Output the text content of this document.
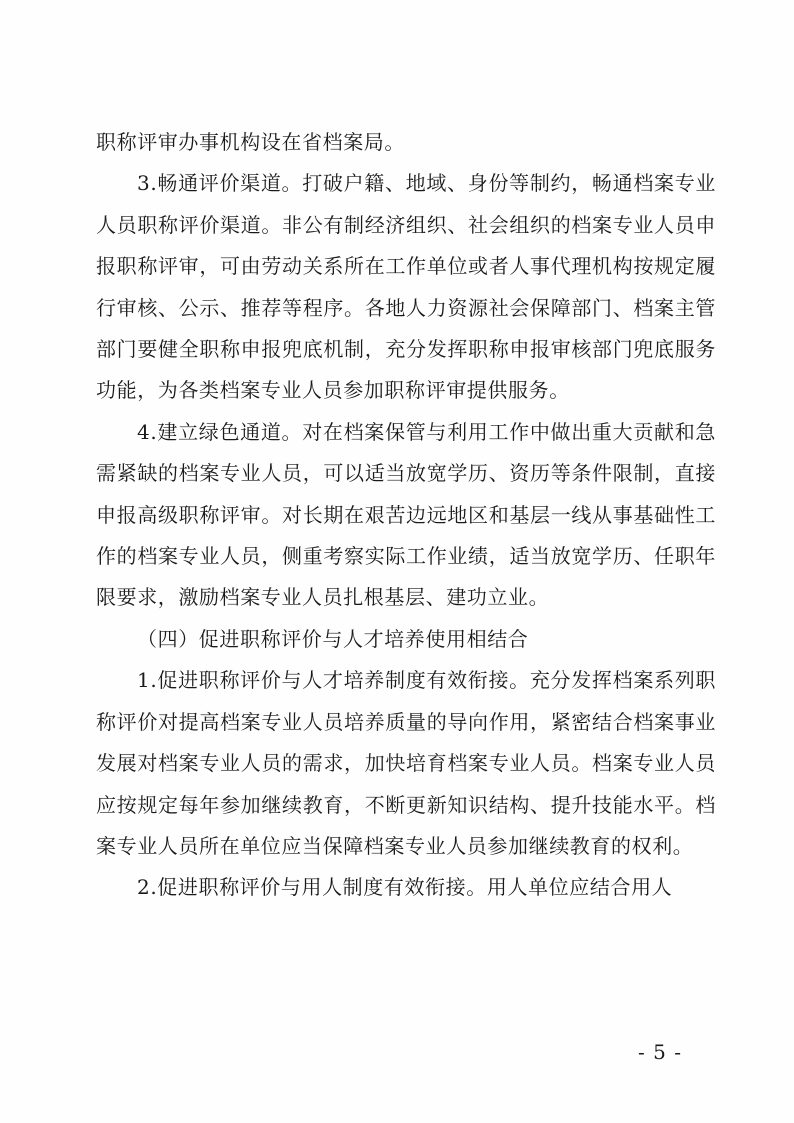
职称评审办事机构设在省档案局。

3.畅通评价渠道。打破户籍、地域、身份等制约，畅通档案专业人员职称评价渠道。非公有制经济组织、社会组织的档案专业人员申报职称评审，可由劳动关系所在工作单位或者人事代理机构按规定履行审核、公示、推荐等程序。各地人力资源社会保障部门、档案主管部门要健全职称申报兜底机制，充分发挥职称申报审核部门兜底服务功能，为各类档案专业人员参加职称评审提供服务。

4.建立绿色通道。对在档案保管与利用工作中做出重大贡献和急需紧缺的档案专业人员，可以适当放宽学历、资历等条件限制，直接申报高级职称评审。对长期在艰苦边远地区和基层一线从事基础性工作的档案专业人员，侧重考察实际工作业绩，适当放宽学历、任职年限要求，激励档案专业人员扎根基层、建功立业。

（四）促进职称评价与人才培养使用相结合

1.促进职称评价与人才培养制度有效衔接。充分发挥档案系列职称评价对提高档案专业人员培养质量的导向作用，紧密结合档案事业发展对档案专业人员的需求，加快培育档案专业人员。档案专业人员应按规定每年参加继续教育，不断更新知识结构、提升技能水平。档案专业人员所在单位应当保障档案专业人员参加继续教育的权利。

2.促进职称评价与用人制度有效衔接。用人单位应结合用人

- 5 -
